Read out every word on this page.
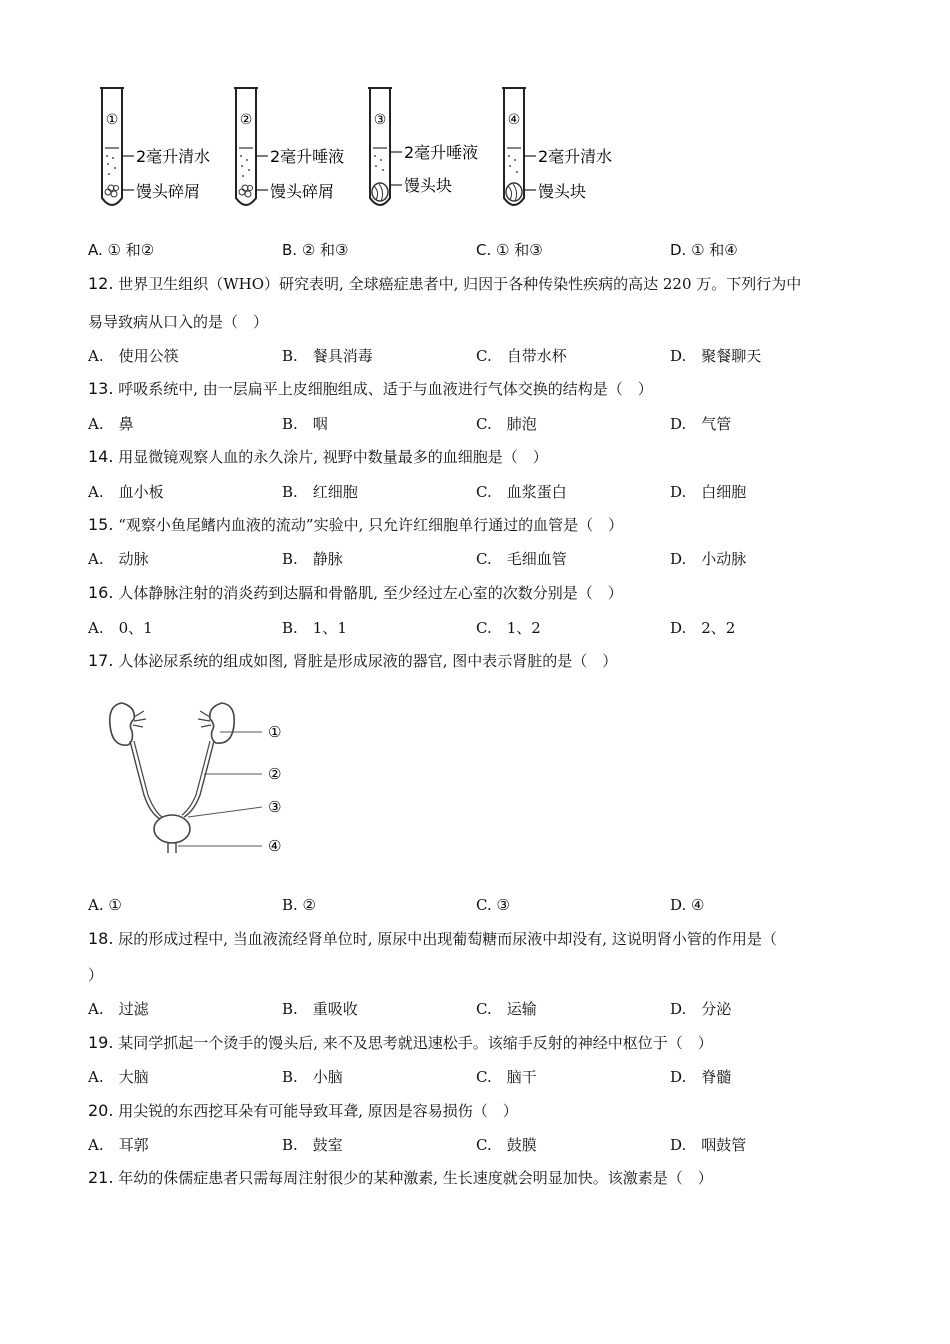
①
2毫升清水
馒头碎屑
②
2毫升唾液
馒头碎屑
③
2毫升唾液
馒头块
④
2毫升清水
馒头块
A. ① 和②	B. ② 和③	C. ① 和③	D. ① 和④
12. 世界卫生组织（WHO）研究表明, 全球癌症患者中, 归因于各种传染性疾病的高达 220 万。下列行为中
易导致病从口入的是（　）
A.　使用公筷	B.　餐具消毒	C.　自带水杯	D.　聚餐聊天
13. 呼吸系统中, 由一层扁平上皮细胞组成、适于与血液进行气体交换的结构是（　）
A.　鼻	B.　咽	C.　肺泡	D.　气管
14. 用显微镜观察人血的永久涂片, 视野中数量最多的血细胞是（　）
A.　血小板	B.　红细胞	C.　血浆蛋白	D.　白细胞
15. “观察小鱼尾鳍内血液的流动”实验中, 只允许红细胞单行通过的血管是（　）
A.　动脉	B.　静脉	C.　毛细血管	D.　小动脉
16. 人体静脉注射的消炎药到达膈和骨骼肌, 至少经过左心室的次数分别是（　）
A.　0、1	B.　1、1	C.　1、2	D.　2、2
17. 人体泌尿系统的组成如图, 肾脏是形成尿液的器官, 图中表示肾脏的是（　）
①
②
③
④
A. ①	B. ②	C. ③	D. ④
18. 尿的形成过程中, 当血液流经肾单位时, 原尿中出现葡萄糖而尿液中却没有, 这说明肾小管的作用是（
）
A.　过滤	B.　重吸收	C.　运输	D.　分泌
19. 某同学抓起一个烫手的馒头后, 来不及思考就迅速松手。该缩手反射的神经中枢位于（　）
A.　大脑	B.　小脑	C.　脑干	D.　脊髓
20. 用尖锐的东西挖耳朵有可能导致耳聋, 原因是容易损伤（　）
A.　耳郭	B.　鼓室	C.　鼓膜	D.　咽鼓管
21. 年幼的侏儒症患者只需每周注射很少的某种激素, 生长速度就会明显加快。该激素是（　）
